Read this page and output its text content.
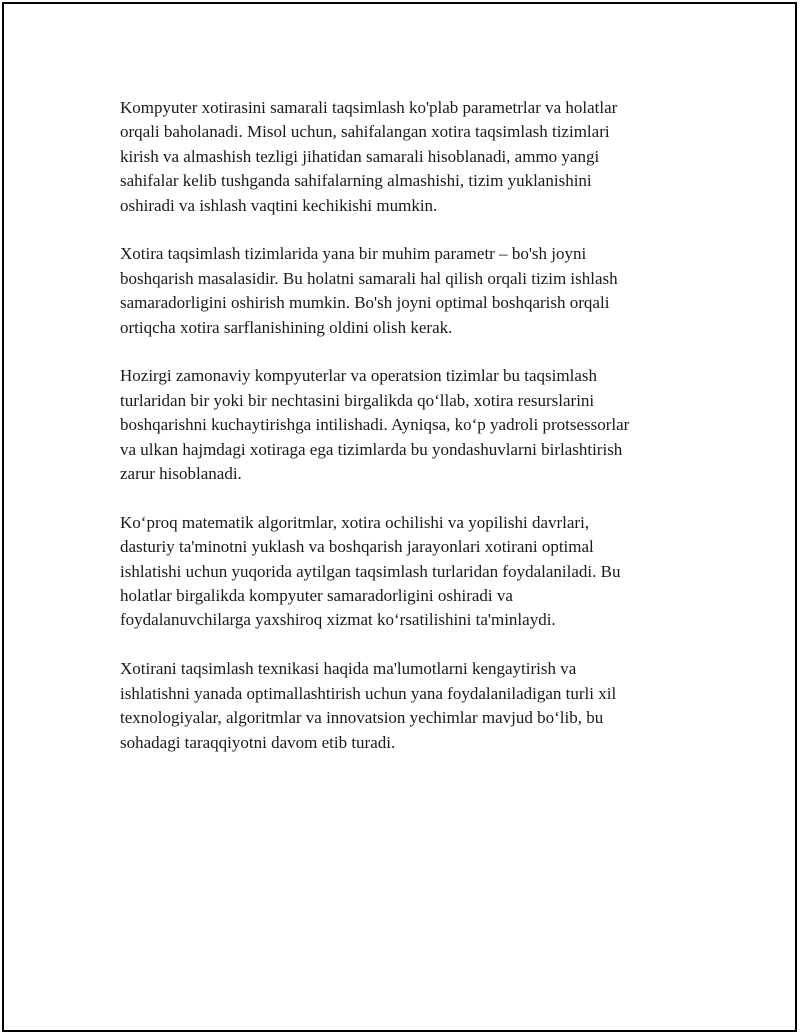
Kompyuter xotirasini samarali taqsimlash ko'plab parametrlar va holatlar
orqali baholanadi. Misol uchun, sahifalangan xotira taqsimlash tizimlari
kirish va almashish tezligi jihatidan samarali hisoblanadi, ammo yangi
sahifalar kelib tushganda sahifalarning almashishi, tizim yuklanishini
oshiradi va ishlash vaqtini kechikishi mumkin.

Xotira taqsimlash tizimlarida yana bir muhim parametr – bo'sh joyni
boshqarish masalasidir. Bu holatni samarali hal qilish orqali tizim ishlash
samaradorligini oshirish mumkin. Bo'sh joyni optimal boshqarish orqali
ortiqcha xotira sarflanishining oldini olish kerak.

Hozirgi zamonaviy kompyuterlar va operatsion tizimlar bu taqsimlash
turlaridan bir yoki bir nechtasini birgalikda qo‘llab, xotira resurslarini
boshqarishni kuchaytirishga intilishadi. Ayniqsa, ko‘p yadroli protsessorlar
va ulkan hajmdagi xotiraga ega tizimlarda bu yondashuvlarni birlashtirish
zarur hisoblanadi.

Ko‘proq matematik algoritmlar, xotira ochilishi va yopilishi davrlari,
dasturiy ta'minotni yuklash va boshqarish jarayonlari xotirani optimal
ishlatishi uchun yuqorida aytilgan taqsimlash turlaridan foydalaniladi. Bu
holatlar birgalikda kompyuter samaradorligini oshiradi va
foydalanuvchilarga yaxshiroq xizmat ko‘rsatilishini ta'minlaydi.

Xotirani taqsimlash texnikasi haqida ma'lumotlarni kengaytirish va
ishlatishni yanada optimallashtirish uchun yana foydalaniladigan turli xil
texnologiyalar, algoritmlar va innovatsion yechimlar mavjud bo‘lib, bu
sohadagi taraqqiyotni davom etib turadi.
